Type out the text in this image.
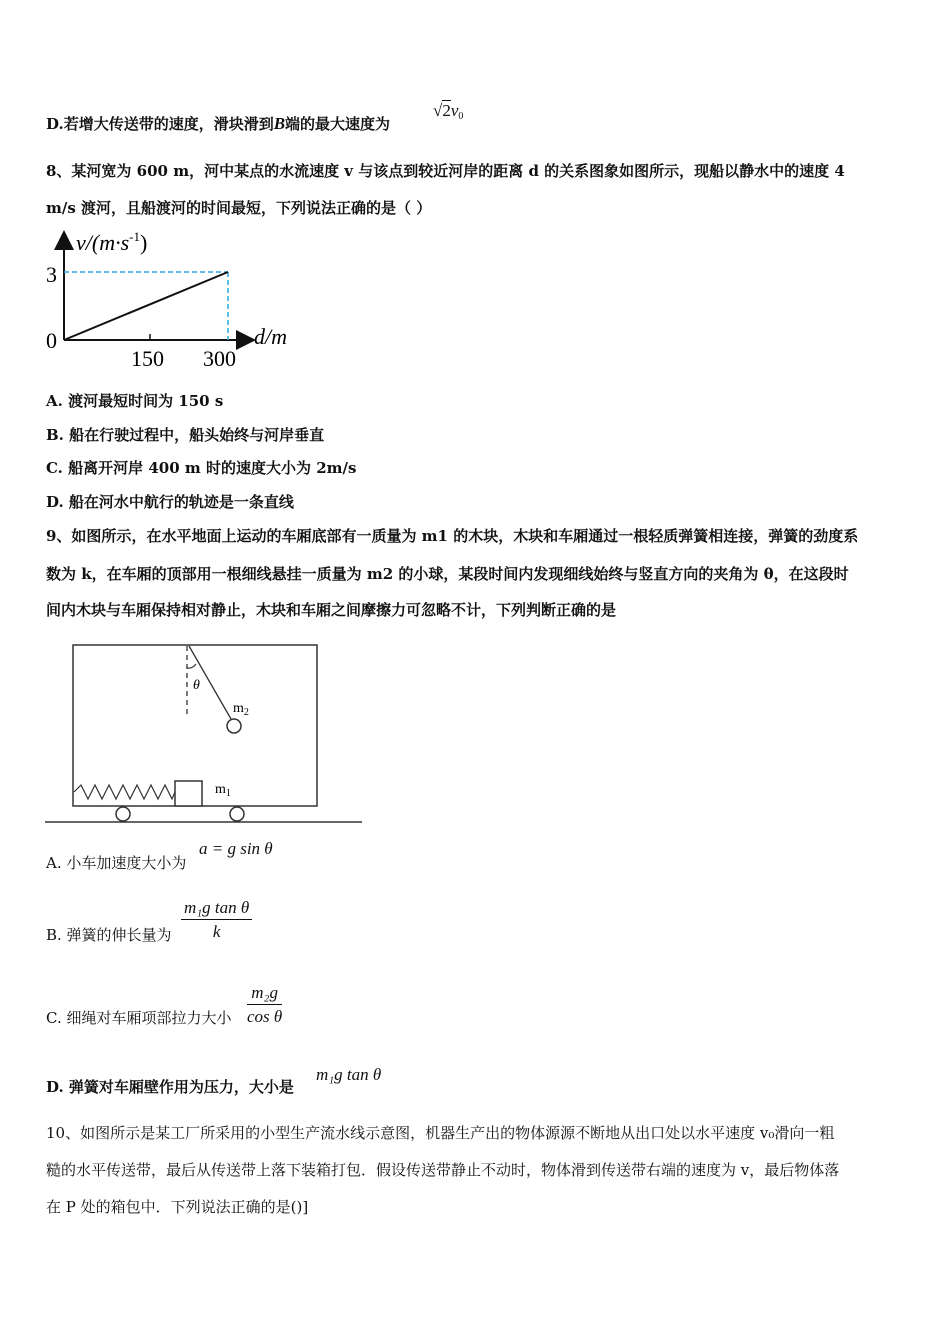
D.若增大传送带的速度，滑块滑到B端的最大速度为
$√2v_0$
8、某河宽为 600 m，河中某点的水流速度 v 与该点到较近河岸的距离 d 的关系图象如图所示，现船以静水中的速度 4
m/s 渡河，且船渡河的时间最短，下列说法正确的是（ ）
$v/(m\cdot s^{-1})$
d/m
0
3
150 300
A. 渡河最短时间为 150 s
B. 船在行驶过程中，船头始终与河岸垂直
C. 船离开河岸 400 m 时的速度大小为 2m/s
D. 船在河水中航行的轨迹是一条直线
9、如图所示，在水平地面上运动的车厢底部有一质量为 m1 的木块，木块和车厢通过一根轻质弹簧相连接，弹簧的劲度系
数为 k，在车厢的顶部用一根细线悬挂一质量为 m2 的小球，某段时间内发现细线始终与竖直方向的夹角为 θ，在这段时
间内木块与车厢保持相对静止，木块和车厢之间摩擦力可忽略不计，下列判断正确的是
θ
$m_2$
$m_1$
A. 小车加速度大小为
a = g sin θ
B. 弹簧的伸长量为 $\frac{\text{m₁g tan θ}}{k}$
C. 细绳对车厢项部拉力大小 $\frac{\text{m₂g}}{\text{cos θ}}$
D. 弹簧对车厢壁作用为压力，大小是
m₁g tan θ
10、如图所示是某工厂所采用的小型生产流水线示意图，机器生产出的物体源源不断地从出口处以水平速度 v₀滑向一粗
糙的水平传送带，最后从传送带上落下装箱打包．假设传送带静止不动时，物体滑到传送带右端的速度为 v，最后物体落
在 P 处的箱包中．下列说法正确的是()]
